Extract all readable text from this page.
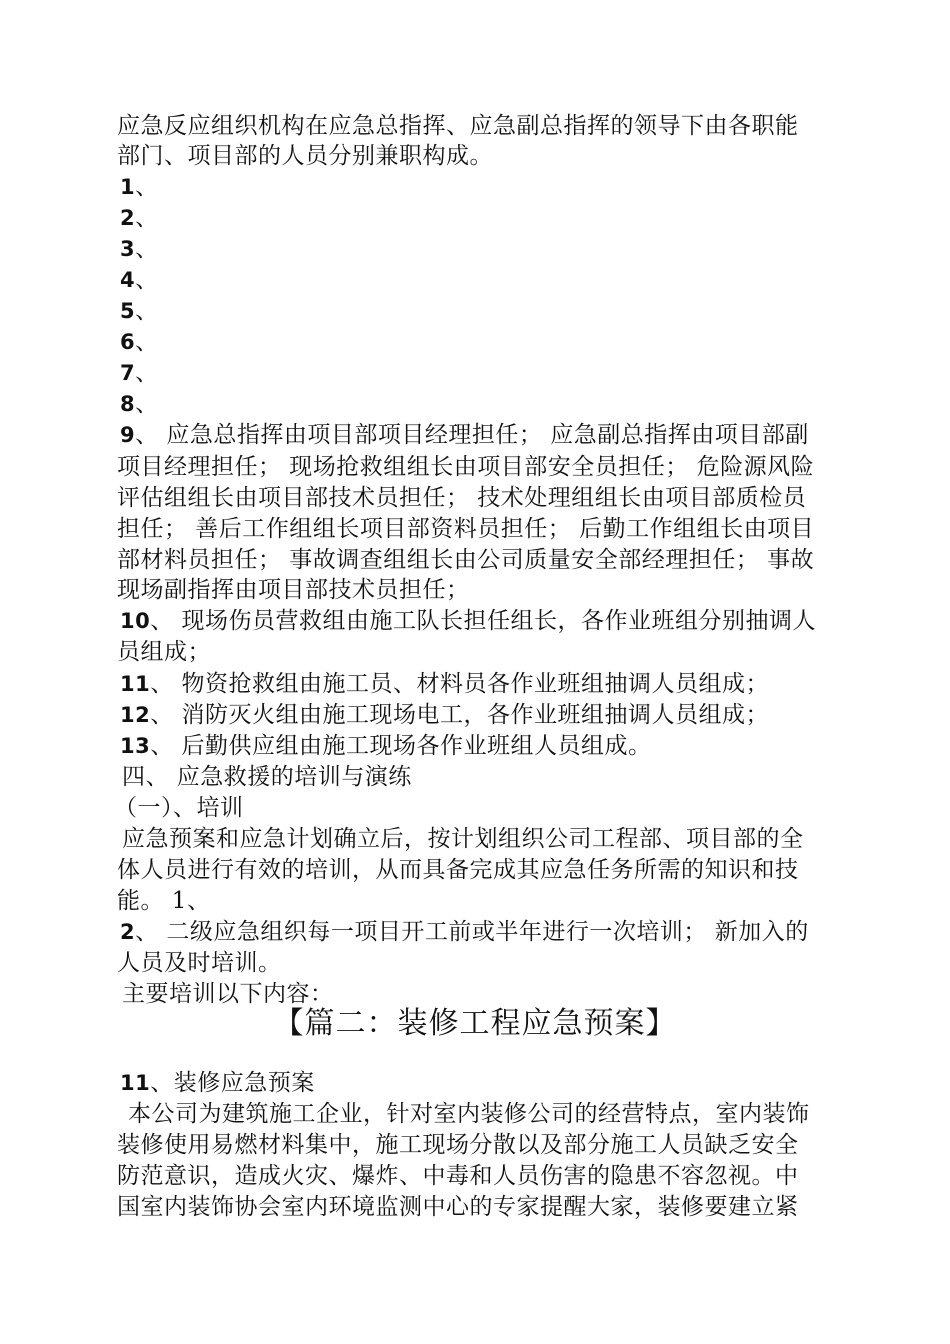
应急反应组织机构在应急总指挥、应急副总指挥的领导下由各职能
部门、项目部的人员分别兼职构成。
1、
2、
3、
4、
5、
6、
7、
8、
9、 应急总指挥由项目部项目经理担任； 应急副总指挥由项目部副
项目经理担任； 现场抢救组组长由项目部安全员担任； 危险源风险
评估组组长由项目部技术员担任； 技术处理组组长由项目部质检员
担任； 善后工作组组长项目部资料员担任； 后勤工作组组长由项目
部材料员担任； 事故调查组组长由公司质量安全部经理担任； 事故
现场副指挥由项目部技术员担任；
10、 现场伤员营救组由施工队长担任组长，各作业班组分别抽调人
员组成；
11、 物资抢救组由施工员、材料员各作业班组抽调人员组成；
12、 消防灭火组由施工现场电工，各作业班组抽调人员组成；
13、 后勤供应组由施工现场各作业班组人员组成。
四、 应急救援的培训与演练
（一）、培训
应急预案和应急计划确立后，按计划组织公司工程部、项目部的全
体人员进行有效的培训，从而具备完成其应急任务所需的知识和技
能。 1、
2、 二级应急组织每一项目开工前或半年进行一次培训； 新加入的
人员及时培训。
主要培训以下内容：
【篇二：装修工程应急预案】
11、装修应急预案
本公司为建筑施工企业，针对室内装修公司的经营特点，室内装饰
装修使用易燃材料集中，施工现场分散以及部分施工人员缺乏安全
防范意识，造成火灾、爆炸、中毒和人员伤害的隐患不容忽视。中
国室内装饰协会室内环境监测中心的专家提醒大家，装修要建立紧
